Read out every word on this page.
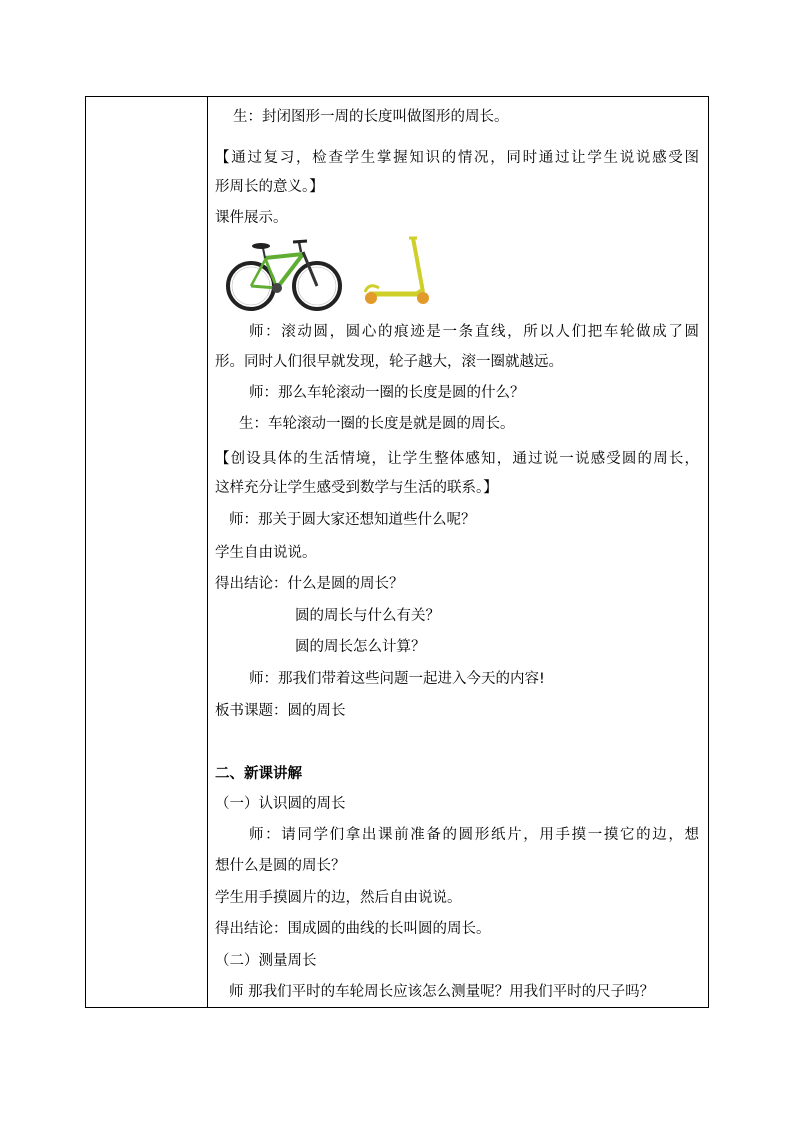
生：封闭图形一周的长度叫做图形的周长。
【通过复习，检查学生掌握知识的情况，同时通过让学生说说感受图
形周长的意义。】
课件展示。
师：滚动圆，圆心的痕迹是一条直线，所以人们把车轮做成了圆
形。同时人们很早就发现，轮子越大，滚一圈就越远。
师：那么车轮滚动一圈的长度是圆的什么？
生：车轮滚动一圈的长度是就是圆的周长。
【创设具体的生活情境，让学生整体感知，通过说一说感受圆的周长，
这样充分让学生感受到数学与生活的联系。】
师：那关于圆大家还想知道些什么呢？
学生自由说说。
得出结论：什么是圆的周长？
圆的周长与什么有关？
圆的周长怎么计算？
师：那我们带着这些问题一起进入今天的内容!
板书课题：圆的周长
二、新课讲解
（一）认识圆的周长
师：请同学们拿出课前准备的圆形纸片，用手摸一摸它的边，想
想什么是圆的周长？
学生用手摸圆片的边，然后自由说说。
得出结论：围成圆的曲线的长叫圆的周长。
（二）测量周长
师 那我们平时的车轮周长应该怎么测量呢？用我们平时的尺子吗？
